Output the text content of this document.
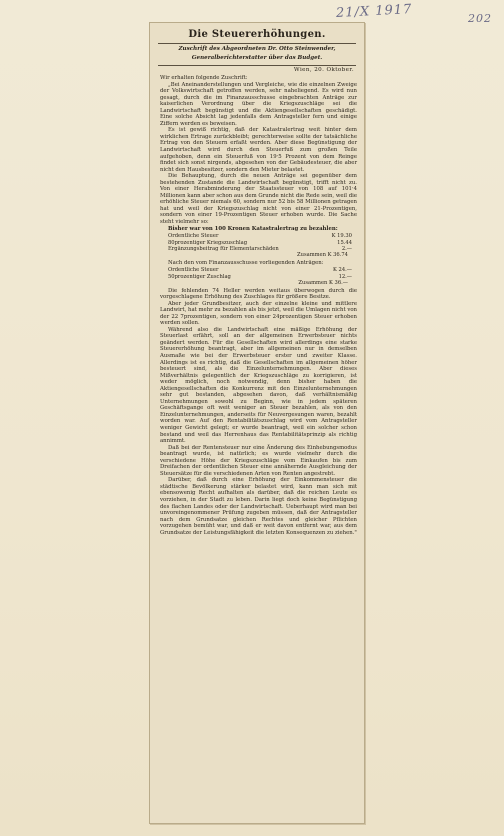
21/X 1917	202
Die Steuererhöhungen.
Zuschrift des Abgeordneten Dr. Otto Steinwender,
Generalberichterstatter über das Budget.
Wien, 20. Oktober.

Wir erhalten folgende Zuschrift:

„Bei Aneinanderstellungen und Vergleiche, wie die einzelnen Zweige der Volkswirtschaft getroffen werden, sehr naheliegend. Es wird nun gesagt, durch die im Finanzausschusse eingebrachten Anträge zur kaiserlichen Verordnung über die Kriegszuschläge sei die Landwirtschaft begünstigt und die Aktiengesellschaften geschädigt. Eine solche Absicht lag jedenfalls dem Antragsteller fern und einige Ziffern werden es beweisen.

Es ist gewiß richtig, daß der Katastralertrag weit hinter dem wirklichen Ertrage zurückbleibt; gerechterweise sollte der tatsächliche Ertrag von den Steuern erfaßt werden. Aber diese Begünstigung der Landwirtschaft wird durch den Steuerfuß zum großen Teile aufgehoben, denn ein Steuerfuß von 19·5 Prozent von dem Reinge findet sich sonst nirgends, abgesehen von der Gebäudesteuer, die aber nicht den Hausbesitzer, sondern den Mieter belastet.

Die Behauptung, durch die neuen Anträge sei gegenüber dem bestehenden Zustande die Landwirtschaft begünstigt, trifft nicht zu. Von einer Herabminderung der Staatssteuer von 108 auf 101·4 Millionen kann aber schon aus dem Grunde nicht die Rede sein, weil die erhöhliche Steuer niemals 60, sondern nur 52 bis 58 Millionen getragen hat und weil der Kriegszuschlag nicht von einer 21-Prozentigen, sondern von einer 19-Prozentigen Steuer erhoben wurde. Die Sache steht vielmehr so:

Bisher war von 100 Kronen Katastralertrag zu bezahlen:

Ordentliche Steuer	K 19.30
80prozentiger Kriegszuschlag	15.44
Ergänzungsbeitrag für Elementarschäden	2.—
Zusammen K 36.74

Nach den vom Finanzausschusse vorliegenden Anträgen:

Ordentliche Steuer	K 24.—
50prozentiger Zuschlag	12.—
Zusammen K 36.—

Die fehlenden 74 Heller werden weitaus überwogen durch die vorgeschlagene Erhöhung des Zuschlages für größere Besitze.

Aber jeder Grundbesitzer, auch der einzelne kleine und mittlere Landwirt, hat mehr zu bezahlen als bis jetzt, weil die Umlagen nicht von der 22 7prozentigen, sondern von einer 24prozentigen Steuer erhoben werden sollen.

Während also die Landwirtschaft eine mäßige Erhöhung der Steuerlast erfährt, soll an der allgemeinen Erwerbsteuer nichts geändert werden. Für die Gesellschaften wird allerdings eine starke Steuererhöhung beantragt, aber im allgemeinen nur in demselben Ausmaße wie bei der Erwerbsteuer erster und zweiter Klasse. Allerdings ist es richtig, daß die Gesellschaften im allgemeinen höher besteuert sind, als die Einzelunternehmungen. Aber dieses Mißverhältnis gelegentlich der Kriegszuschläge zu korrigieren, ist weder möglich, noch notwendig, denn bisher haben die Aktiengesellschaften die Konkurrenz mit den Einzelunternehmungen sehr gut bestanden, abgesehen davon, daß verhältnismäßig Unternehmungen sowohl zu Beginn, wie in jedem späteren Geschäftsgange oft weit weniger an Steuer bezahlen, als von den Einzelunternehmungen, anderseits für Neuvergesungen waren, bezahlt worden war. Auf den Rentabilitätszuschlag wird vom Antragsteller weniger Gewicht gelegt; er wurde beantragt, weil ein solcher schon bestand und weil das Herrenhaus das Rentabilitätsprinzip als richtig annimmt.

Daß bei der Rentensteuer nur eine Änderung des Einhebungsmodus beantragt wurde, ist natürlich; es wurde vielmehr durch die verschiedene Höhe der Kriegszuschläge vom Einkaufen bis zum Dreifachen der ordentlichen Steuer eine annähernde Ausgleichung der Steuersätze für die verschiedenen Arten von Renten angestrebt.

Darüber, daß durch eine Erhöhung der Einkommensteuer die städtische Bevölkerung stärker belastet wird, kann man sich mit ebensowenig Recht aufhalten als darüber, daß die reichen Leute es vorziehen, in der Stadt zu leben. Darin liegt doch keine Begünstigung des flachen Landes oder der Landwirtschaft. Ueberhaupt wird man bei unvoreingenommener Prüfung zugeben müssen, daß der Antragsteller nach dem Grundsatze gleichen Rechtes und gleicher Pflichten vorzugehen bemüht war, und daß er weit davon entfernt war, aus dem Grundsatze der Leistungsfähigkeit die letzten Konsequenzen zu ziehen."
